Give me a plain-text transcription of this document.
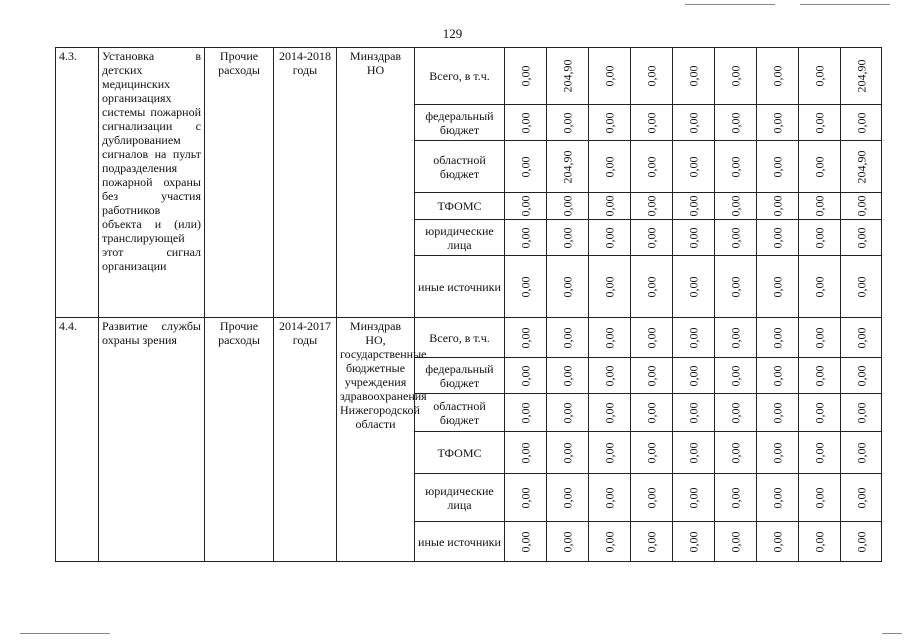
129
4.3.	Установка в детских медицинских организациях системы пожарной сигнализации с дублированием сигналов на пульт подразделения пожарной охраны без участия работников объекта и (или) транслирующей этот сигнал организации	Прочие расходы	2014-2018 годы	Минздрав НО	Всего, в т.ч.	0,00	204,90	0,00	0,00	0,00	0,00	0,00	0,00	204,90
					федеральный бюджет	0,00	0,00	0,00	0,00	0,00	0,00	0,00	0,00	0,00
					областной бюджет	0,00	204,90	0,00	0,00	0,00	0,00	0,00	0,00	204,90
					ТФОМС	0,00	0,00	0,00	0,00	0,00	0,00	0,00	0,00	0,00
					юридические лица	0,00	0,00	0,00	0,00	0,00	0,00	0,00	0,00	0,00
					иные источники	0,00	0,00	0,00	0,00	0,00	0,00	0,00	0,00	0,00
4.4.	Развитие службы охраны зрения	Прочие расходы	2014-2017 годы	Минздрав НО, государственные бюджетные учреждения здравоохранения Нижегородской области	Всего, в т.ч.	0,00	0,00	0,00	0,00	0,00	0,00	0,00	0,00	0,00
					федеральный бюджет	0,00	0,00	0,00	0,00	0,00	0,00	0,00	0,00	0,00
					областной бюджет	0,00	0,00	0,00	0,00	0,00	0,00	0,00	0,00	0,00
					ТФОМС	0,00	0,00	0,00	0,00	0,00	0,00	0,00	0,00	0,00
					юридические лица	0,00	0,00	0,00	0,00	0,00	0,00	0,00	0,00	0,00
					иные источники	0,00	0,00	0,00	0,00	0,00	0,00	0,00	0,00	0,00
